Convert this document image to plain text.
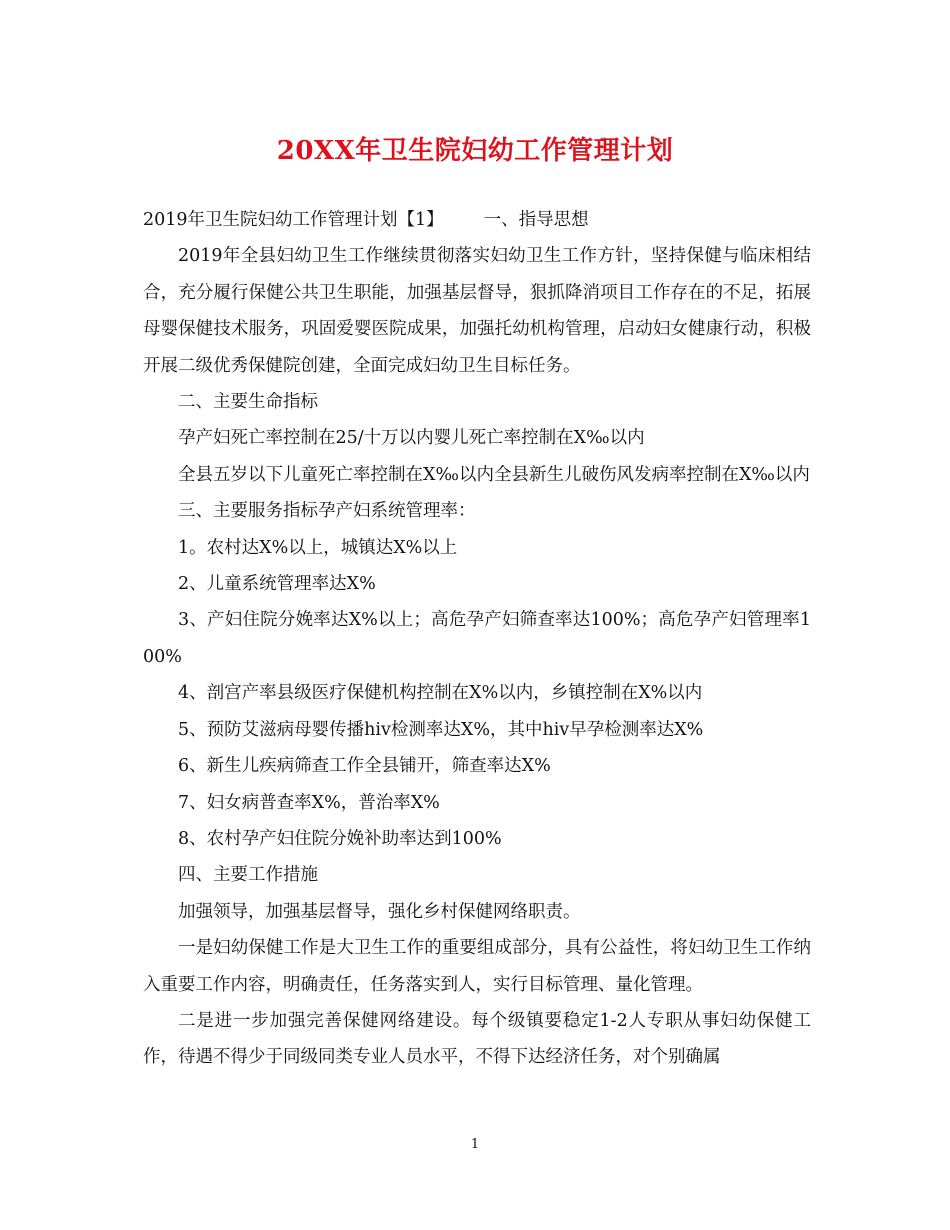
20XX年卫生院妇幼工作管理计划

2019年卫生院妇幼工作管理计划【1】 一、指导思想

2019年全县妇幼卫生工作继续贯彻落实妇幼卫生工作方针，坚持保健与临床相结合，充分履行保健公共卫生职能，加强基层督导，狠抓降消项目工作存在的不足，拓展母婴保健技术服务，巩固爱婴医院成果，加强托幼机构管理，启动妇女健康行动，积极开展二级优秀保健院创建，全面完成妇幼卫生目标任务。

二、主要生命指标

孕产妇死亡率控制在25/十万以内婴儿死亡率控制在X‰以内

全县五岁以下儿童死亡率控制在X‰以内全县新生儿破伤风发病率控制在X‰以内

三、主要服务指标孕产妇系统管理率：

1。农村达X%以上，城镇达X%以上

2、儿童系统管理率达X%

3、产妇住院分娩率达X%以上；高危孕产妇筛查率达100%；高危孕产妇管理率100%

4、剖宫产率县级医疗保健机构控制在X%以内，乡镇控制在X%以内

5、预防艾滋病母婴传播hiv检测率达X%，其中hiv早孕检测率达X%

6、新生儿疾病筛查工作全县铺开，筛查率达X%

7、妇女病普查率X%，普治率X%

8、农村孕产妇住院分娩补助率达到100%

四、主要工作措施

加强领导，加强基层督导，强化乡村保健网络职责。

一是妇幼保健工作是大卫生工作的重要组成部分，具有公益性，将妇幼卫生工作纳入重要工作内容，明确责任，任务落实到人，实行目标管理、量化管理。

二是进一步加强完善保健网络建设。每个级镇要稳定1-2人专职从事妇幼保健工作，待遇不得少于同级同类专业人员水平，不得下达经济任务，对个别确属

1
